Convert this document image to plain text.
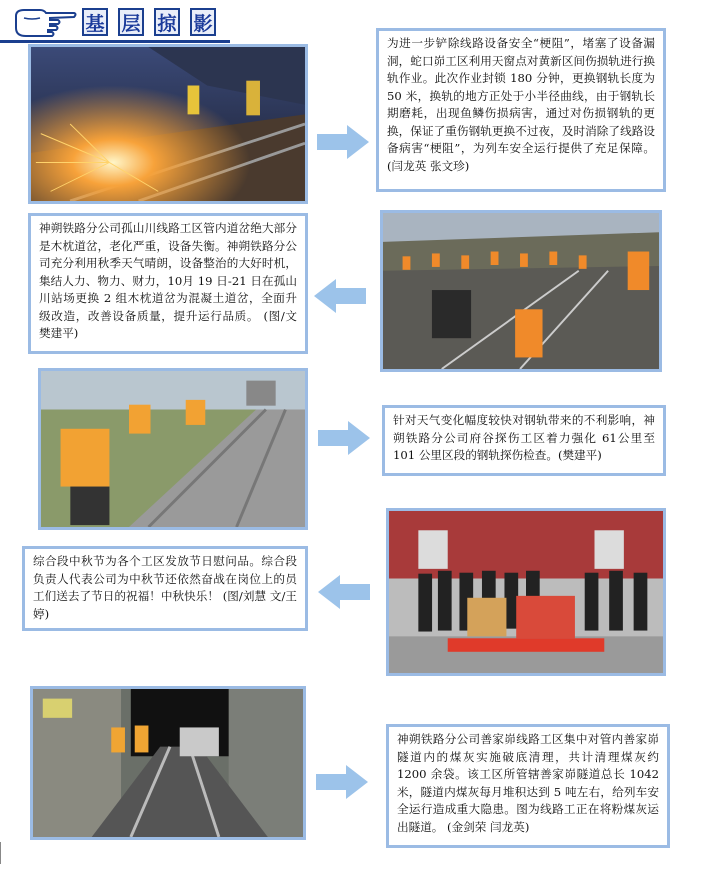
基 层 掠 影
为进一步铲除线路设备安全“梗阻”，堵塞了设备漏洞，蛇口峁工区利用天窗点对黄新区间伤损轨进行换轨作业。此次作业封锁 180 分钟，更换钢轨长度为 50 米，换轨的地方正处于小半径曲线，由于钢轨长期磨耗，出现鱼鳞伤损病害，通过对伤损钢轨的更换，保证了重伤钢轨更换不过夜，及时消除了线路设备病害“梗阻”，为列车安全运行提供了充足保障。(闫龙英 张文珍)
神朔铁路分公司孤山川线路工区管内道岔绝大部分是木枕道岔，老化严重，设备失衡。神朔铁路分公司充分利用秋季天气晴朗，设备整治的大好时机，集结人力、物力、财力，10月 19 日-21 日在孤山川站场更换 2 组木枕道岔为混凝土道岔，全面升级改造，改善设备质量，提升运行品质。 (图/文 樊建平)
针对天气变化幅度较快对钢轨带来的不利影响，神朔铁路分公司府谷探伤工区着力强化 61公里至 101 公里区段的钢轨探伤检查。(樊建平)
综合段中秋节为各个工区发放节日慰问品。综合段负责人代表公司为中秋节还依然奋战在岗位上的员工们送去了节日的祝福！中秋快乐！ (图/刘慧 文/王婷)
神朔铁路分公司善家峁线路工区集中对管内善家峁隧道内的煤灰实施破底清理，共计清理煤灰约 1200 余袋。该工区所管辖善家峁隧道总长 1042 米，隧道内煤灰每月堆积达到 5 吨左右，给列车安全运行造成重大隐患。图为线路工正在将粉煤灰运出隧道。 (金剑荣 闫龙英)
